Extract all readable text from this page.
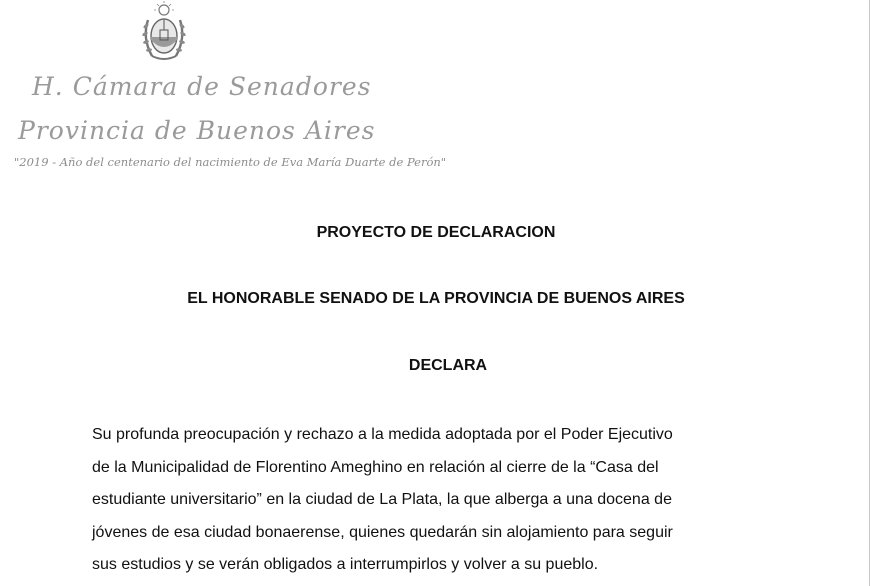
H. Cámara de Senadores
Provincia de Buenos Aires
"2019 - Año del centenario del nacimiento de Eva María Duarte de Perón"
PROYECTO DE DECLARACION
EL HONORABLE SENADO DE LA PROVINCIA DE BUENOS AIRES
DECLARA
Su profunda preocupación y rechazo a la medida adoptada por el Poder Ejecutivo
de la Municipalidad de Florentino Ameghino en relación al cierre de la “Casa del
estudiante universitario” en la ciudad de La Plata, la que alberga a una docena de
jóvenes de esa ciudad bonaerense, quienes quedarán sin alojamiento para seguir
sus estudios y se verán obligados a interrumpirlos y volver a su pueblo.
